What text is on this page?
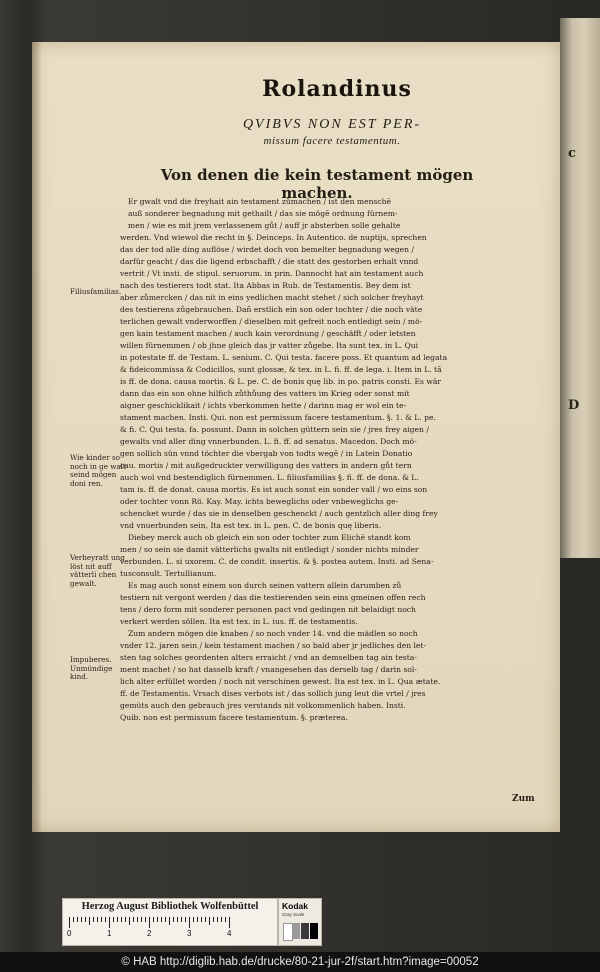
c
D
Rolandinus
QVIBVS NON EST PER-
missum facere testamentum.
Von denen die kein testament mögen machen.
Filiusfamilias.
Wie kinder so noch in ge walt seind mögen doni ren.
Verheyratt ung löst nit auff vätterli chen gewalt.
Impuberes. Unmündige kind.
Er gwalt vnd die freyhait ain testament zůmachen / ist den menschē
auß sonderer begnadung mit gethailt / das sie mögē ordnung fürnem-
men / wie es mit jrem verlassenem gůt / auff jr absterben solle gehalte
werden. Vnd wiewol die recht in §. Deinceps. In Autentico. de nuptijs, sprechen
das der tod alle ding auflöse / wirdet doch von bemelter begnadung wegen /
darfür geacht / das die ligend erbschafft / die statt des gestorben erhalt vnnd
vertrit / Vt insti. de stipul. seruorum. in prin. Dannocht hat ain testament auch
nach des testierers todt stat. Ita Abbas in Rub. de Testamentis. Bey dem ist
aber zůmercken / das nit in eins yedlichen macht stehet / sich solcher freyhayt
des testierens zůgebrauchen. Dañ erstlich ein son oder tochter / die noch väte
terlichen gewalt vnderworffen / dieselben mit gefreit noch entledigt sein / mö-
gen kain testament machen / auch kain verordnung / geschäfft / oder letsten
willen fürnemmen / ob jhne gleich das jr vatter zůgebe. Ita sunt tex. in L. Qui
in potestate ff. de Testam. L. senium. C. Qui testa. facere poss. Et quantum ad legata
& fideicommissa & Codicillos, sunt glossæ, & tex. in L. fi. ff. de lega. i. Item in L. tã
is ff. de dona. causa mortis. & L. pe. C. de bonis quę lib. in po. patris consti. Es wär
dann das ein son ohne hilfich zůthůung des vatters im Krieg oder sonst mit
aigner geschicklikait / ichts vberkommen hette / darinn mag er wol ein te-
stament machen. Insti. Qui. non est permissum facere testamentum. §. 1. & L. pe.
& fi. C. Qui testa. fa. possunt. Dann in solchen güttern sein sie / jres frey aigen /
gewalts vnd aller ding vnnerbunden. L. fi. ff. ad senatus. Macedon. Doch mö-
gen sollich sün vnnd töchter die vbergab von todts wegē / in Latein Donatio
cau. mortis / mit außgedruckter verwilligung des vatters in andern gůt tern
auch wol vnd bestendiglich fürnemmen. L. filiusfamilias §. fi. ff. de dona. & L.
tam is. ff. de donat. causa mortis. Es ist auch sonst ein sonder vall / wo eins son
oder tochter vonn Rö. Kay. May. ichts beweglichs oder vnbeweglichs ge-
schencket wurde / das sie in denselben geschenckt / auch gentzlich aller ding frey
vnd vnuerbunden sein, Ita est tex. in L. pen. C. de bonis quę liberis.
Diebey merck auch ob gleich ein son oder tochter zum Elichē standt kom
men / so sein sie damit vätterlichs gwalts nit entledigt / sonder nichts minder
verbunden. L. si uxorem. C. de condit. insertis. & §. postea autem. Insti. ad Sena-
tusconsult. Tertullianum.
Es mag auch sonst einem son durch seinen vattern allein darumben zů
testiern nit vergont werden / das die testierenden sein eins gmeinen offen rech
tens / dero form mit sonderer personen pact vnd gedingen nit belaidigt noch
verkert werden söllen. Ita est tex. in L. ius. ff. de testamentis.
Zum andern mögen die knaben / so noch vnder 14. vnd die mädlen so noch
vnder 12. jaren sein / kein testament machen / so bald aber jr jedliches den let-
sten tag solches geordenten alters erraicht / vnd an demselben tag ain testa-
ment machet / so hat dasselb kraft / vnangesehen das derselb tag / darin sol-
lich alter erfüllet worden / noch nit verschinen gewest. Ita est tex. in L. Qua ætate.
ff. de Testamentis. Vrsach dises verbots ist / das sollich jung leut die vrtel / jres
gemüts auch den gebrauch jres verstands nit volkommenlich haben. Insti.
Quib. non est permissum facere testamentum. §. præterea.
Zum
Herzog August Bibliothek Wolfenbüttel
0	1	2	3	4
Kodak
Gray Scale
© HAB http://diglib.hab.de/drucke/80-21-jur-2f/start.htm?image=00052
